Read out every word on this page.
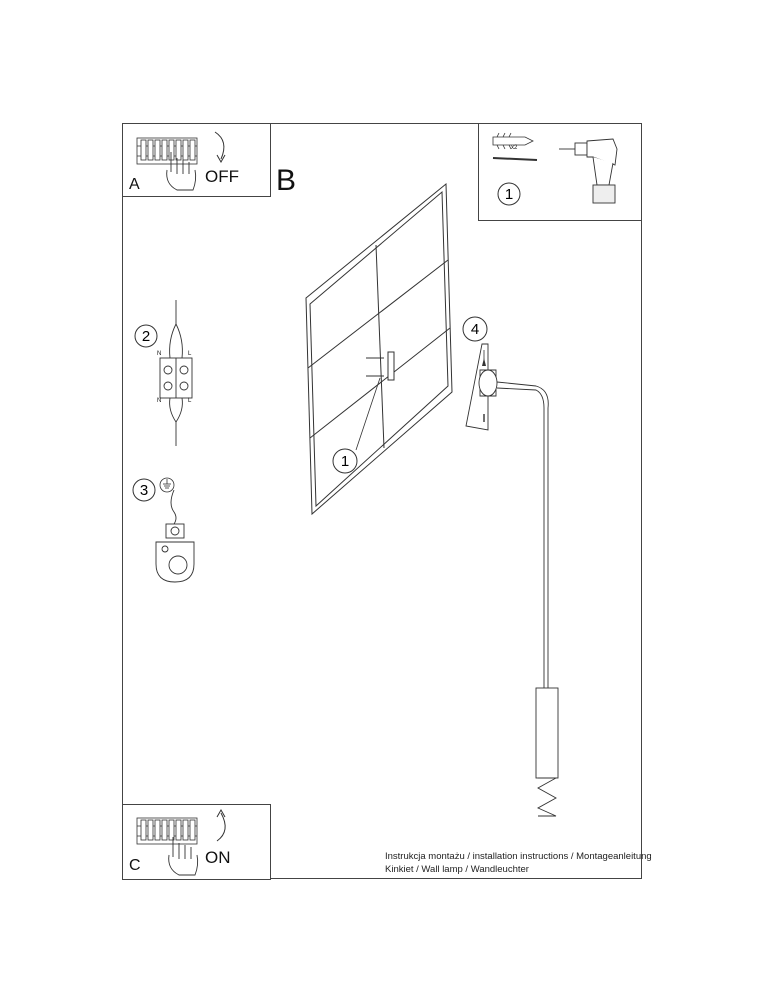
A	OFF B
x2
1
2
N	L
N	L
3
1
4
C	ON	Instrukcja montażu / installation instructions / Montageanleitung
Kinkiet / Wall lamp / Wandleuchter
